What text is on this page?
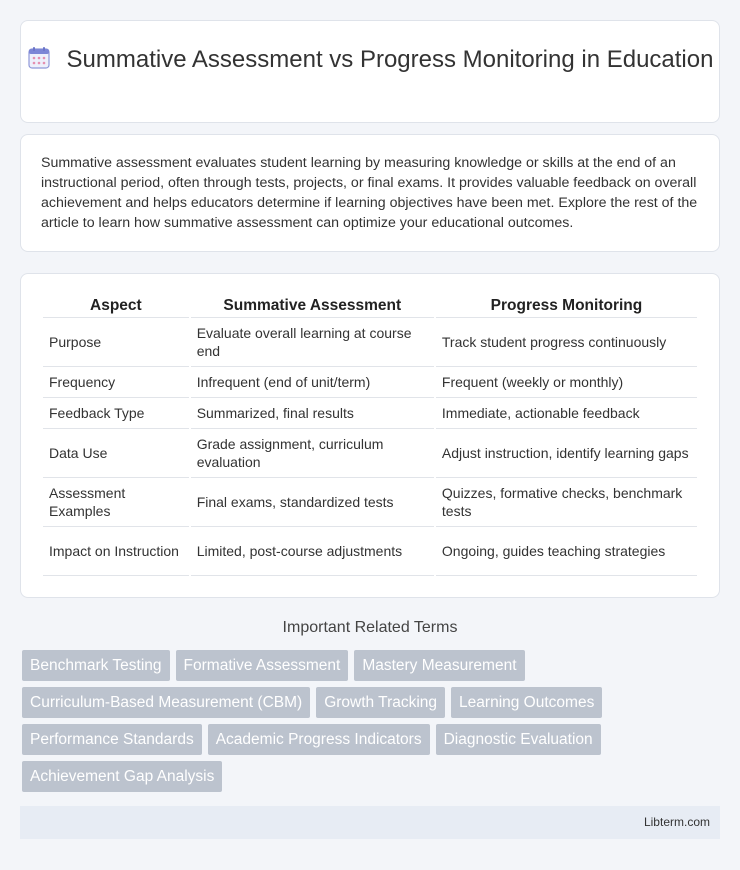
Summative Assessment vs Progress Monitoring in Education

Summative assessment evaluates student learning by measuring knowledge or skills at the end of an instructional period, often through tests, projects, or final exams. It provides valuable feedback on overall achievement and helps educators determine if learning objectives have been met. Explore the rest of the article to learn how summative assessment can optimize your educational outcomes.

Aspect	Summative Assessment	Progress Monitoring
Purpose	Evaluate overall learning at course end	Track student progress continuously
Frequency	Infrequent (end of unit/term)	Frequent (weekly or monthly)
Feedback Type	Summarized, final results	Immediate, actionable feedback
Data Use	Grade assignment, curriculum evaluation	Adjust instruction, identify learning gaps
Assessment Examples	Final exams, standardized tests	Quizzes, formative checks, benchmark tests
Impact on Instruction	Limited, post-course adjustments	Ongoing, guides teaching strategies
Important Related Terms
Benchmark Testing	Formative Assessment	Mastery Measurement
Curriculum-Based Measurement (CBM)	Growth Tracking	Learning Outcomes
Performance Standards	Academic Progress Indicators	Diagnostic Evaluation
Achievement Gap Analysis
Libterm.com
